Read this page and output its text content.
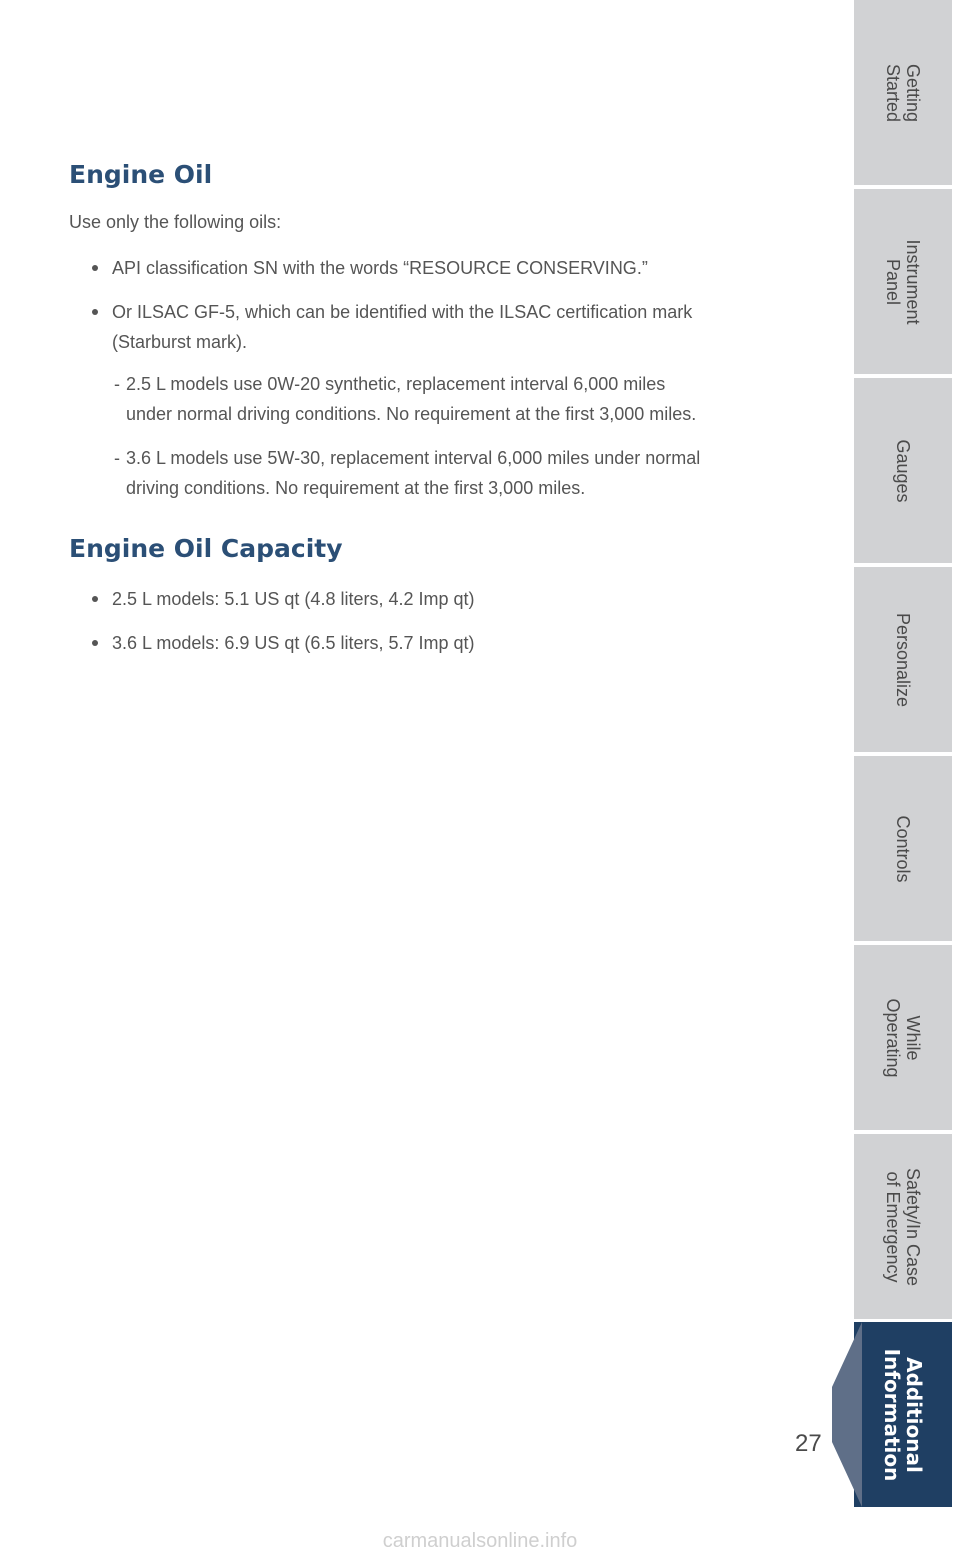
Engine Oil
Use only the following oils:
API classification SN with the words “RESOURCE CONSERVING.”
Or ILSAC GF-5, which can be identified with the ILSAC certification mark
(Starburst mark).
- 2.5 L models use 0W-20 synthetic, replacement interval 6,000 miles
under normal driving conditions. No requirement at the first 3,000 miles.
- 3.6 L models use 5W-30, replacement interval 6,000 miles under normal
driving conditions. No requirement at the first 3,000 miles.
Engine Oil Capacity
2.5 L models: 5.1 US qt (4.8 liters, 4.2 Imp qt)
3.6 L models: 6.9 US qt (6.5 liters, 5.7 Imp qt)
Getting
Started
Instrument
Panel
Gauges
Personalize
Controls
While
Operating
Safety/In Case
of Emergency
Additional
Information
27
carmanualsonline.info
